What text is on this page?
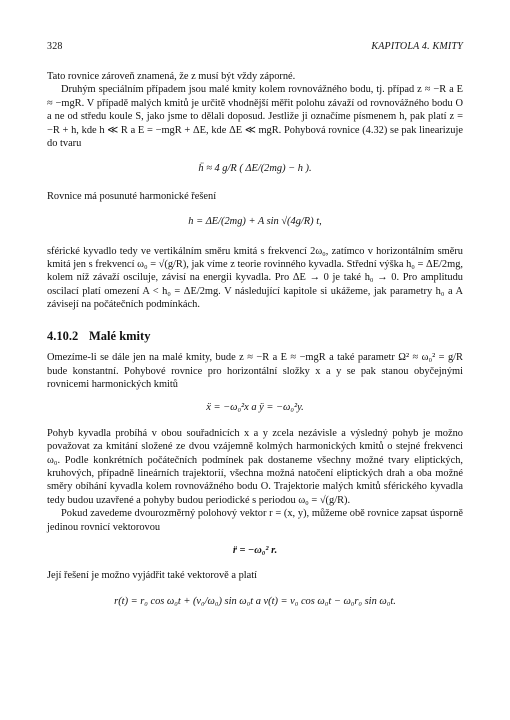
328	KAPITOLA 4. KMITY

Tato rovnice zároveň znamená, že z musí být vždy záporné.

Druhým speciálním případem jsou malé kmity kolem rovnovážného bodu, tj. případ z ≈ −R a E ≈ −mgR. V případě malých kmitů je určitě vhodnější měřit polohu závaží od rovnovážného bodu O a ne od středu koule S, jako jsme to dělali doposud. Jestliže ji označíme písmenem h, pak platí z = −R + h, kde h ≪ R a E = −mgR + ΔE, kde ΔE ≪ mgR. Pohybová rovnice (4.32) se pak linearizuje do tvaru

ḧ ≈ 4 g/R ( ΔE/(2mg) − h ).

Rovnice má posunuté harmonické řešení

h = ΔE/(2mg) + A sin √(4g/R) t,

sférické kyvadlo tedy ve vertikálním směru kmitá s frekvencí 2ω₀, zatímco v horizontálním směru kmitá jen s frekvencí ω₀ = √(g/R), jak víme z teorie rovinného kyvadla. Střední výška h₀ = ΔE/2mg, kolem níž závaží osciluje, závisí na energii kyvadla. Pro ΔE → 0 je také h₀ → 0. Pro amplitudu oscilací platí omezení A < h₀ = ΔE/2mg. V následující kapitole si ukážeme, jak parametry h₀ a A závisejí na počátečních podmínkách.

4.10.2 Malé kmity

Omezíme-li se dále jen na malé kmity, bude z ≈ −R a E ≈ −mgR a také parametr Ω² ≈ ω₀² = g/R bude konstantní. Pohybové rovnice pro horizontální složky x a y se pak stanou obyčejnými rovnicemi harmonických kmitů

ẍ = −ω₀²x a ÿ = −ω₀²y.

Pohyb kyvadla probíhá v obou souřadnicích x a y zcela nezávisle a výsledný pohyb je možno považovat za kmitání složené ze dvou vzájemně kolmých harmonických kmitů o stejné frekvenci ω₀. Podle konkrétních počátečních podmínek pak dostaneme všechny možné tvary eliptických, kruhových, případně lineárních trajektorií, všechna možná natočení eliptických drah a oba možné směry obíhání kyvadla kolem rovnovážného bodu O. Trajektorie malých kmitů sférického kyvadla tedy budou uzavřené a pohyby budou periodické s periodou ω₀ = √(g/R).

Pokud zavedeme dvourozměrný polohový vektor r = (x, y), můžeme obě rovnice zapsat úsporně jedinou rovnicí vektorovou

r̈ = −ω₀² r.

Její řešení je možno vyjádřit také vektorově a platí

r(t) = r₀ cos ω₀t + (v₀/ω₀) sin ω₀t a v(t) = v₀ cos ω₀t − ω₀r₀ sin ω₀t.
